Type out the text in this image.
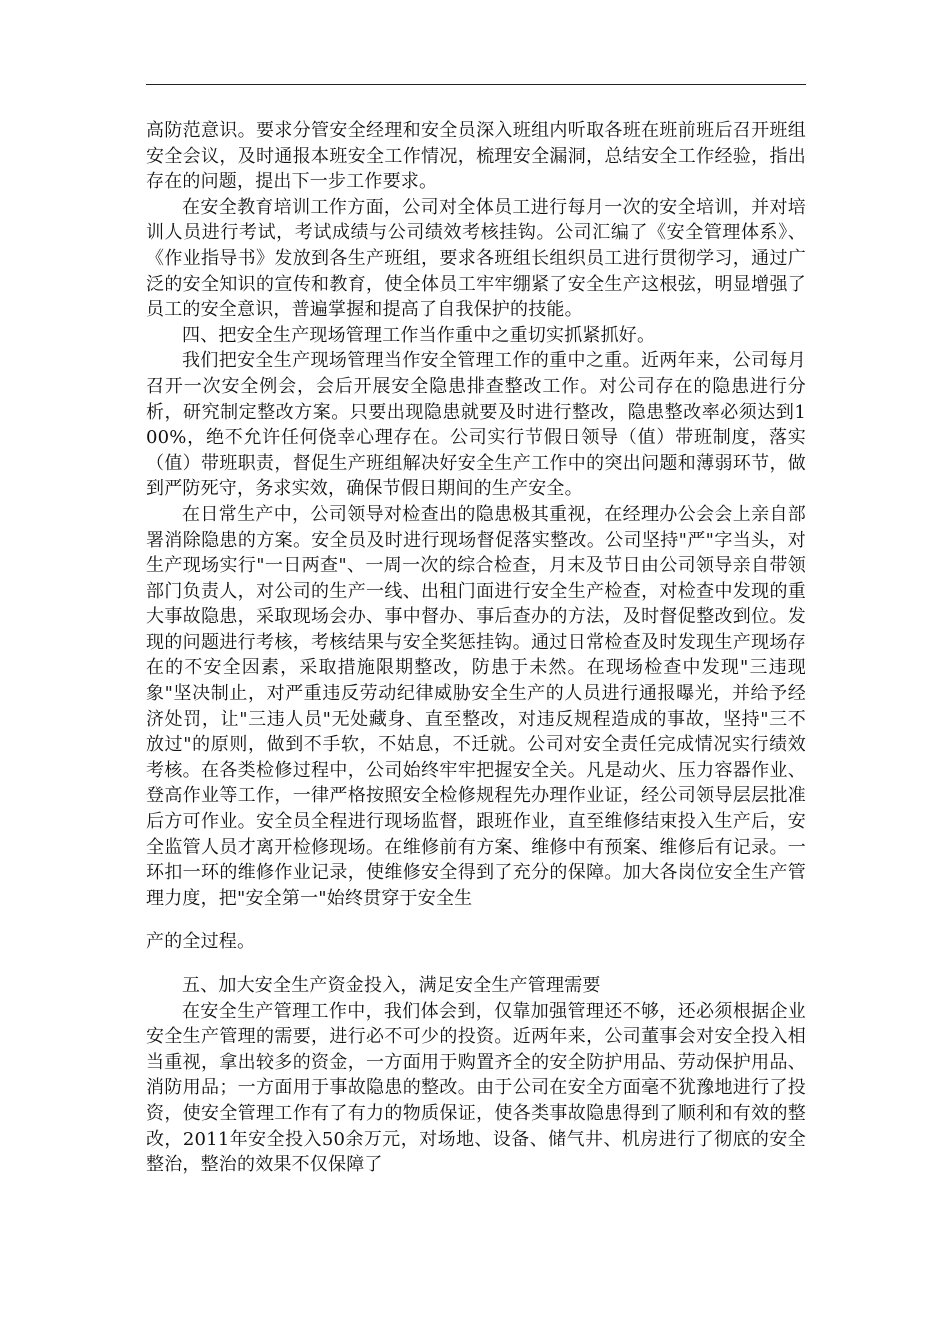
高防范意识。要求分管安全经理和安全员深入班组内听取各班在班前班后召开班组安全会议，及时通报本班安全工作情况，梳理安全漏洞，总结安全工作经验，指出存在的问题，提出下一步工作要求。

在安全教育培训工作方面，公司对全体员工进行每月一次的安全培训，并对培训人员进行考试，考试成绩与公司绩效考核挂钩。公司汇编了《安全管理体系》、《作业指导书》发放到各生产班组，要求各班组长组织员工进行贯彻学习，通过广泛的安全知识的宣传和教育，使全体员工牢牢绷紧了安全生产这根弦，明显增强了员工的安全意识，普遍掌握和提高了自我保护的技能。

四、把安全生产现场管理工作当作重中之重切实抓紧抓好。

我们把安全生产现场管理当作安全管理工作的重中之重。近两年来，公司每月召开一次安全例会，会后开展安全隐患排查整改工作。对公司存在的隐患进行分析，研究制定整改方案。只要出现隐患就要及时进行整改，隐患整改率必须达到100%，绝不允许任何侥幸心理存在。公司实行节假日领导（值）带班制度，落实（值）带班职责，督促生产班组解决好安全生产工作中的突出问题和薄弱环节，做到严防死守，务求实效，确保节假日期间的生产安全。

在日常生产中，公司领导对检查出的隐患极其重视，在经理办公会会上亲自部署消除隐患的方案。安全员及时进行现场督促落实整改。公司坚持"严"字当头，对生产现场实行"一日两查"、一周一次的综合检查，月末及节日由公司领导亲自带领部门负责人，对公司的生产一线、出租门面进行安全生产检查，对检查中发现的重大事故隐患，采取现场会办、事中督办、事后查办的方法，及时督促整改到位。发现的问题进行考核，考核结果与安全奖惩挂钩。通过日常检查及时发现生产现场存在的不安全因素，采取措施限期整改，防患于未然。在现场检查中发现"三违现象"坚决制止，对严重违反劳动纪律威胁安全生产的人员进行通报曝光，并给予经济处罚，让"三违人员"无处藏身、直至整改，对违反规程造成的事故，坚持"三不放过"的原则，做到不手软，不姑息，不迁就。公司对安全责任完成情况实行绩效考核。在各类检修过程中，公司始终牢牢把握安全关。凡是动火、压力容器作业、登高作业等工作，一律严格按照安全检修规程先办理作业证，经公司领导层层批准后方可作业。安全员全程进行现场监督，跟班作业，直至维修结束投入生产后，安全监管人员才离开检修现场。在维修前有方案、维修中有预案、维修后有记录。一环扣一环的维修作业记录，使维修安全得到了充分的保障。加大各岗位安全生产管理力度，把"安全第一"始终贯穿于安全生

产的全过程。

五、加大安全生产资金投入，满足安全生产管理需要

在安全生产管理工作中，我们体会到，仅靠加强管理还不够，还必须根据企业安全生产管理的需要，进行必不可少的投资。近两年来，公司董事会对安全投入相当重视，拿出较多的资金，一方面用于购置齐全的安全防护用品、劳动保护用品、消防用品；一方面用于事故隐患的整改。由于公司在安全方面毫不犹豫地进行了投资，使安全管理工作有了有力的物质保证，使各类事故隐患得到了顺利和有效的整改，2011年安全投入50余万元，对场地、设备、储气井、机房进行了彻底的安全整治，整治的效果不仅保障了
